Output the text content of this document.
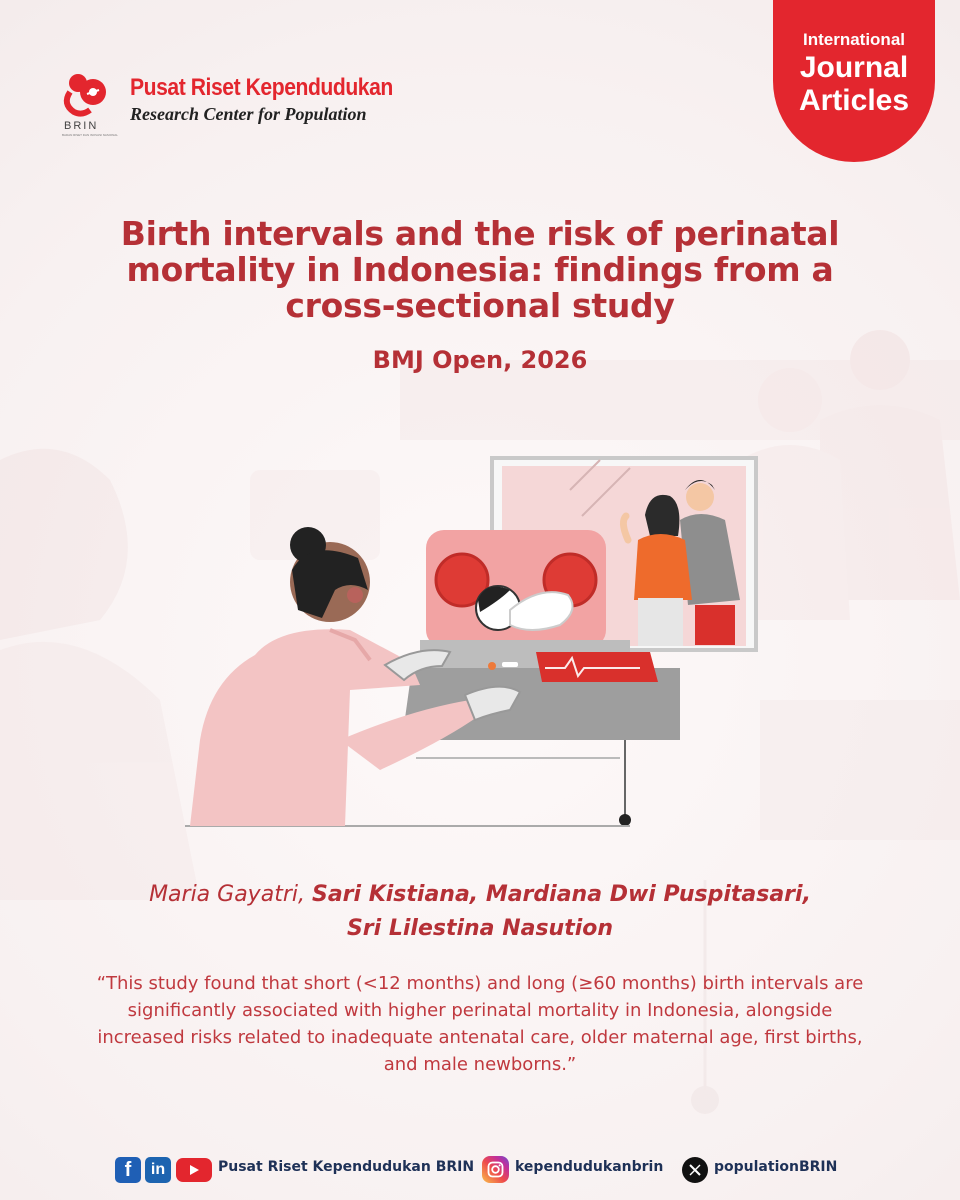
BRIN
BADAN RISET DAN INOVASI NASIONAL
Pusat Riset Kependudukan
Research Center for Population
International
Journal
Articles
Birth intervals and the risk of perinatal mortality in Indonesia: findings from a cross-sectional study
BMJ Open, 2026
Maria Gayatri, Sari Kistiana, Mardiana Dwi Puspitasari,
Sri Lilestina Nasution
“This study found that short (<12 months) and long (≥60 months) birth intervals are significantly associated with higher perinatal mortality in Indonesia, alongside increased risks related to inadequate antenatal care, older maternal age, first births, and male newborns.”
f	in	Pusat Riset Kependudukan BRIN	kependudukanbrin	populationBRIN
